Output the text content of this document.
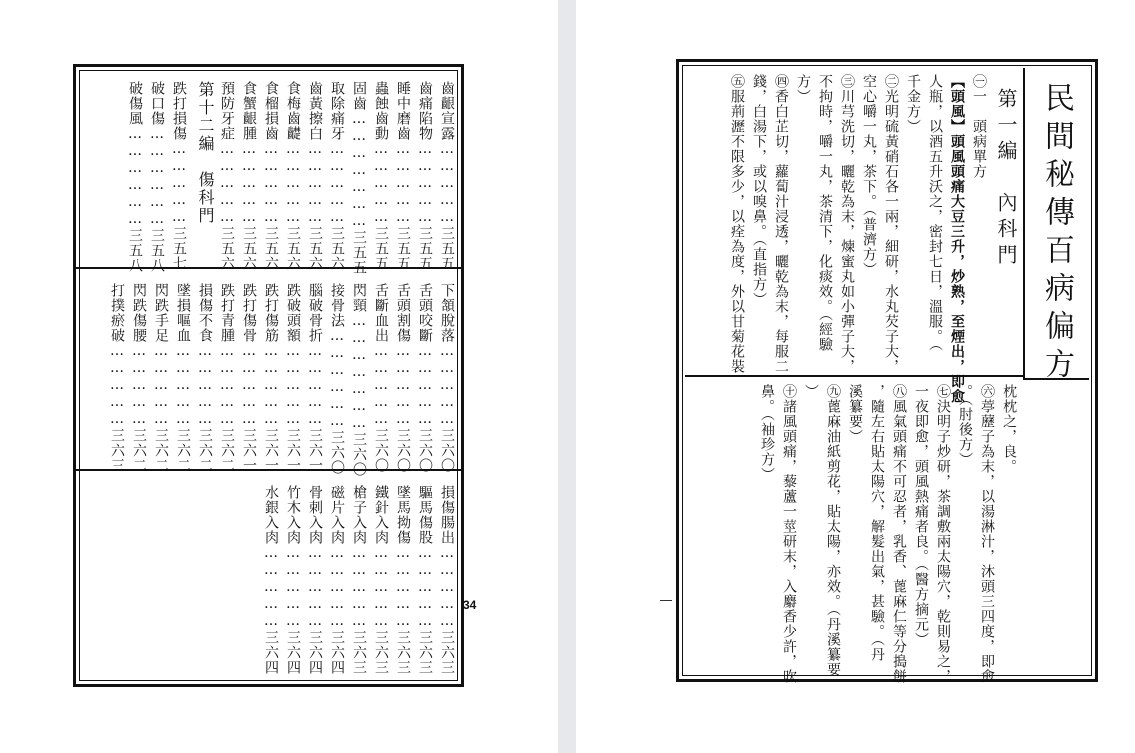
齒齦宣露……………三五五
齒痛陷物……………三五五
睡中磨齒……………三五五
蟲蝕齒動……………三五五
固齒…………………三五五
取除痛牙……………三五六
齒黃擦白……………三五六
食梅齒齼……………三五六
食榴損齒……………三五六
食蟹齦腫……………三五六
預防牙症……………三五六
第十二編　傷科門
跌打損傷……………三五七
破口傷………………三五八
破傷風………………三五八
下頷脫落……………三六〇
舌頭咬斷……………三六〇
舌頭割傷……………三六〇
舌斷血出……………三六〇
閃頸…………………三六〇
接骨法………………三六〇
腦破骨折……………三六一
跌破頭額……………三六一
跌打傷筋……………三六一
跌打傷骨……………三六一
跌打青腫……………三六二
損傷不食……………三六二
墜損嘔血……………三六二
閃跌手足……………三六二
閃跌傷腰……………三六二
打撲瘀破……………三六三
損傷腸出……………三六三
驅馬傷股……………三六三
墜馬拗傷……………三六三
鐵針入肉……………三六三
槍子入肉……………三六三
磁片入肉……………三六四
骨刺入肉……………三六四
竹木入肉……………三六四
水銀入肉……………三六四	34
民間秘傳百病偏方
第一編　內科門
㊀一　頭病單方
【頭風】頭風頭痛大豆三升，炒熟，至煙出，即愈
人瓶，以酒五升沃之，密封七日，溫服。（
千金方）
㊁光明硫黃硝石各一兩，細研，水丸芡子大，
空心嚼一丸，茶下。（普濟方）
㊂川芎洗切，曬乾為末，煉蜜丸如小彈子大，
不拘時，嚼一丸，茶清下，化痰效。（經驗
方）
㊃香白芷切，蘿蔔汁浸透，曬乾為末，每服二
錢，白湯下，或以嗅鼻。（直指方）
㊄服荊瀝不限多少，以痊為度，外以甘菊花裝
枕枕之，良。
㊅葶藶子為末，以湯淋汁，沐頭三四度，即愈
。（肘後方）
㊆決明子炒研，茶調敷兩太陽穴，乾則易之，
一夜即愈，頭風熱痛者良。（醫方摘元）
㊇風氣頭痛不可忍者，乳香、蓖麻仁等分搗餅
，隨左右貼太陽穴，解髮出氣，甚驗。（丹
溪纂要）
㊈蓖麻油紙剪花，貼太陽，亦效。（丹溪纂要
）
㊉諸風頭痛，藜蘆一莖研末，入麝香少許，吹
鼻。（袖珍方）
